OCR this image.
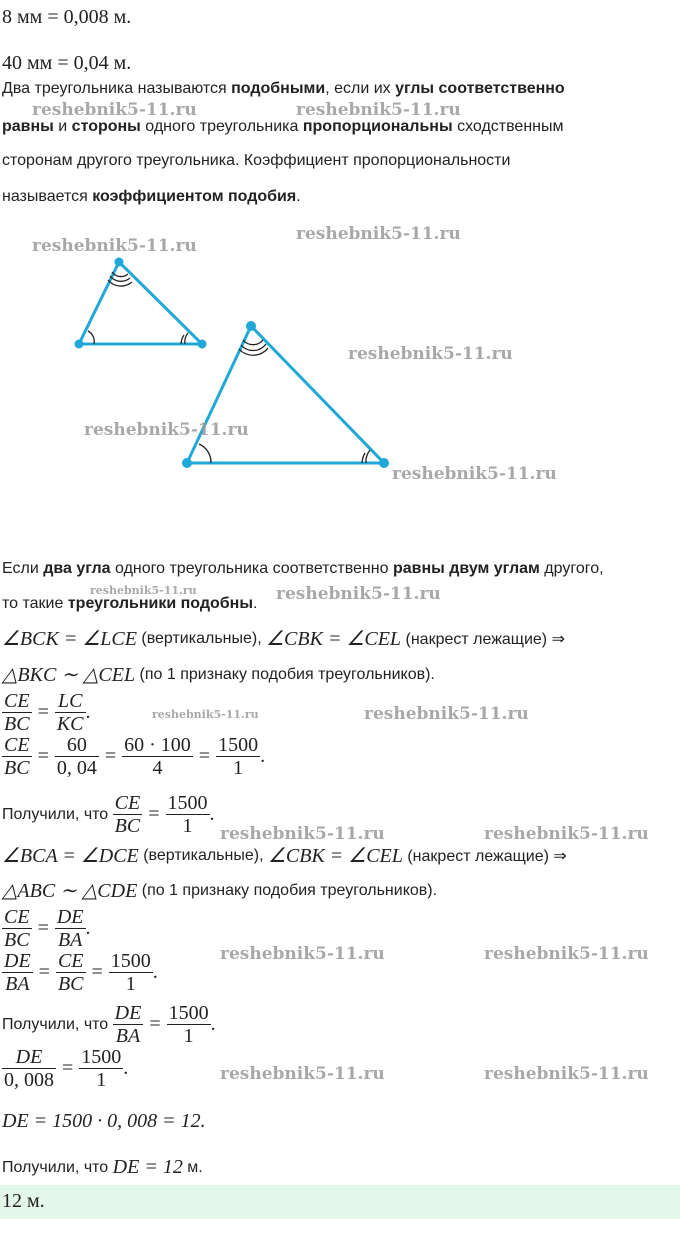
8 мм = 0,008 м.
40 мм = 0,04 м.
Два треугольника называются подобными, если их углы соответственно
равны и стороны одного треугольника пропорциональны сходственным
сторонам другого треугольника. Коэффициент пропорциональности
называется коэффициентом подобия.
Если два угла одного треугольника соответственно равны двум углам другого,
то такие треугольники подобны.
∠BCK = ∠LCE (вертикальные), ∠CBK = ∠CEL (накрест лежащие) ⇒
△BKC ∼ △CEL (по 1 признаку подобия треугольников).
$\frac{CE}{BC} = \frac{LC}{KC}$ .
$\frac{CE}{BC} = \frac{60}{0, 04} = \frac{60 \cdot 100}{4} = \frac{1500}{1}$ .
Получили, что $\frac{CE}{BC} = \frac{1500}{1}$ .
∠BCA = ∠DCE (вертикальные), ∠CBK = ∠CEL (накрест лежащие) ⇒
△ABC ∼ △CDE (по 1 признаку подобия треугольников).
$\frac{CE}{BC} = \frac{DE}{BA}$ .
$\frac{DE}{BA} = \frac{CE}{BC} = \frac{1500}{1}$ .
Получили, что $\frac{DE}{BA} = \frac{1500}{1}$ .
$\frac{DE}{0, 008} = \frac{1500}{1}$ .
DE = 1500 · 0, 008 = 12.
Получили, что DE = 12 м.
12 м.
reshebnik5-11.ru	reshebnik5-11.ru
reshebnik5-11.ru
reshebnik5-11.ru
reshebnik5-11.ru
reshebnik5-11.ru
reshebnik5-11.ru
reshebnik5-11.ru	reshebnik5-11.ru
reshebnik5-11.ru	reshebnik5-11.ru
reshebnik5-11.ru	reshebnik5-11.ru
reshebnik5-11.ru	reshebnik5-11.ru
reshebnik5-11.ru	reshebnik5-11.ru
